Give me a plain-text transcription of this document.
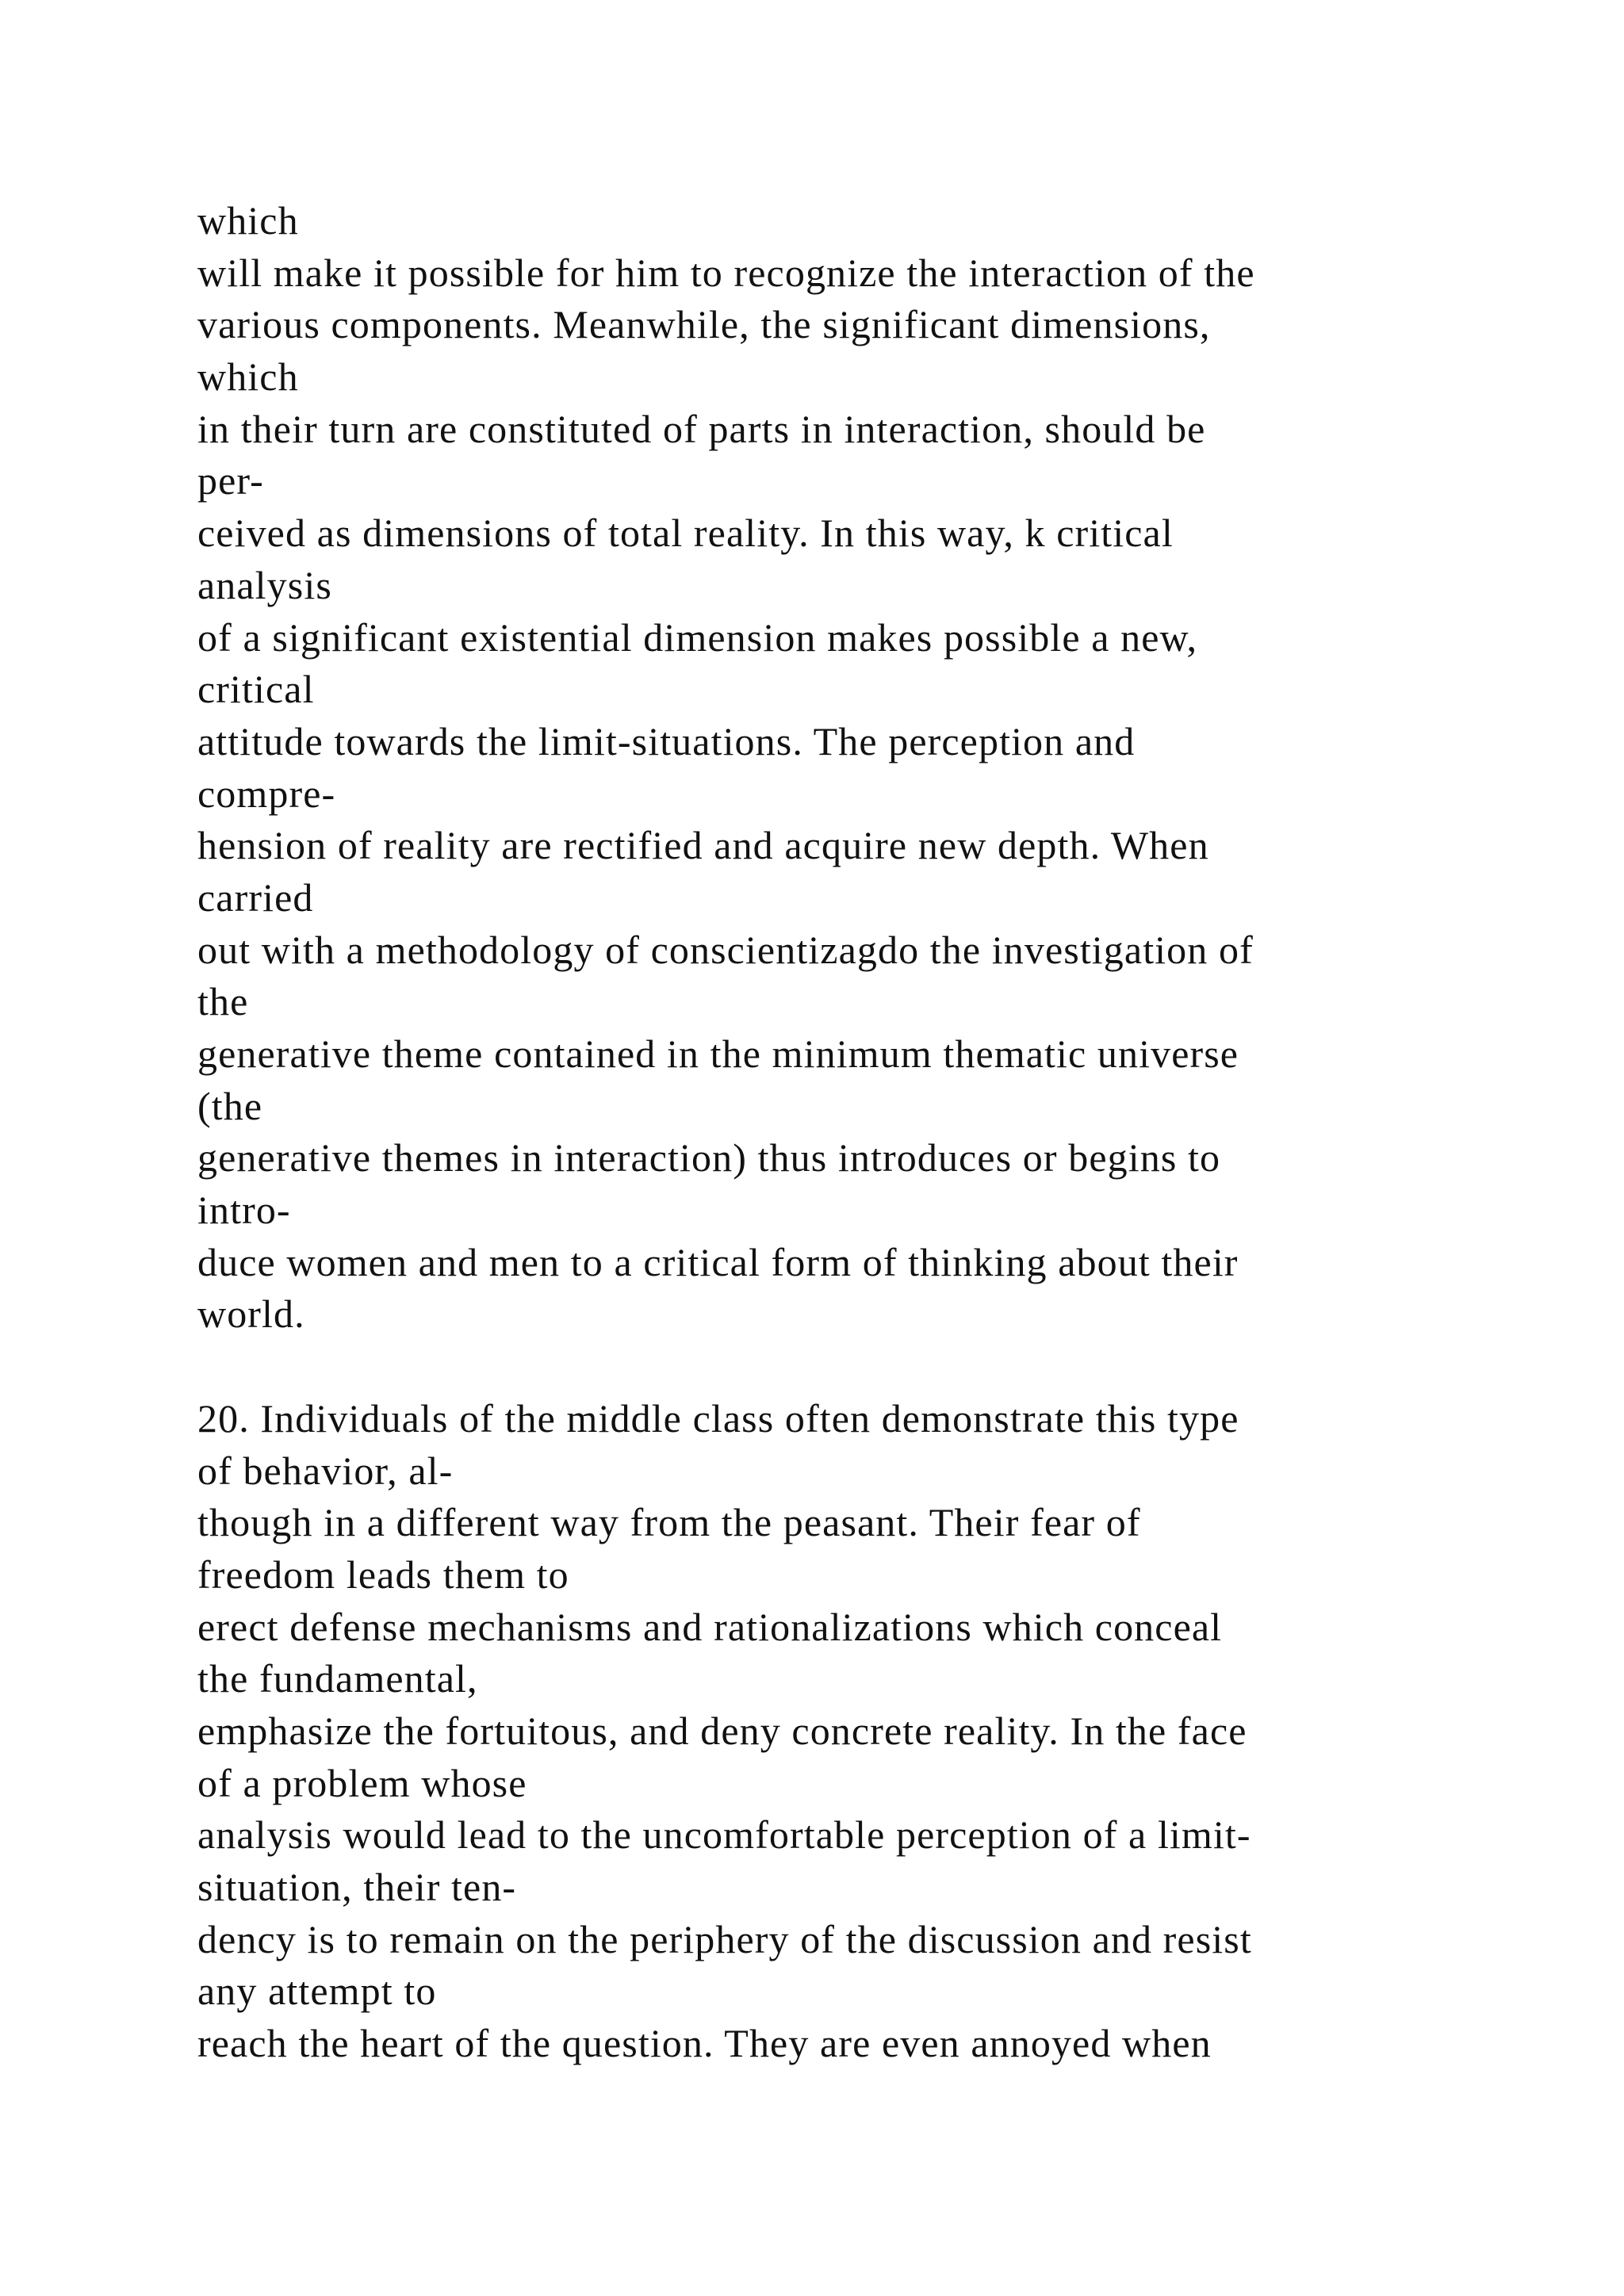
which
will make it possible for him to recognize the interaction of the
various components. Meanwhile, the significant dimensions,
which
in their turn are constituted of parts in interaction, should be
per-
ceived as dimensions of total reality. In this way, k critical
analysis
of a significant existential dimension makes possible a new,
critical
attitude towards the limit-situations. The perception and
compre-
hension of reality are rectified and acquire new depth. When
carried
out with a methodology of conscientizagdo the investigation of
the
generative theme contained in the minimum thematic universe
(the
generative themes in interaction) thus introduces or begins to
intro-
duce women and men to a critical form of thinking about their
world.
20. Individuals of the middle class often demonstrate this type
of behavior, al-
though in a different way from the peasant. Their fear of
freedom leads them to
erect defense mechanisms and rationalizations which conceal
the fundamental,
emphasize the fortuitous, and deny concrete reality. In the face
of a problem whose
analysis would lead to the uncomfortable perception of a limit-
situation, their ten-
dency is to remain on the periphery of the discussion and resist
any attempt to
reach the heart of the question. They are even annoyed when
